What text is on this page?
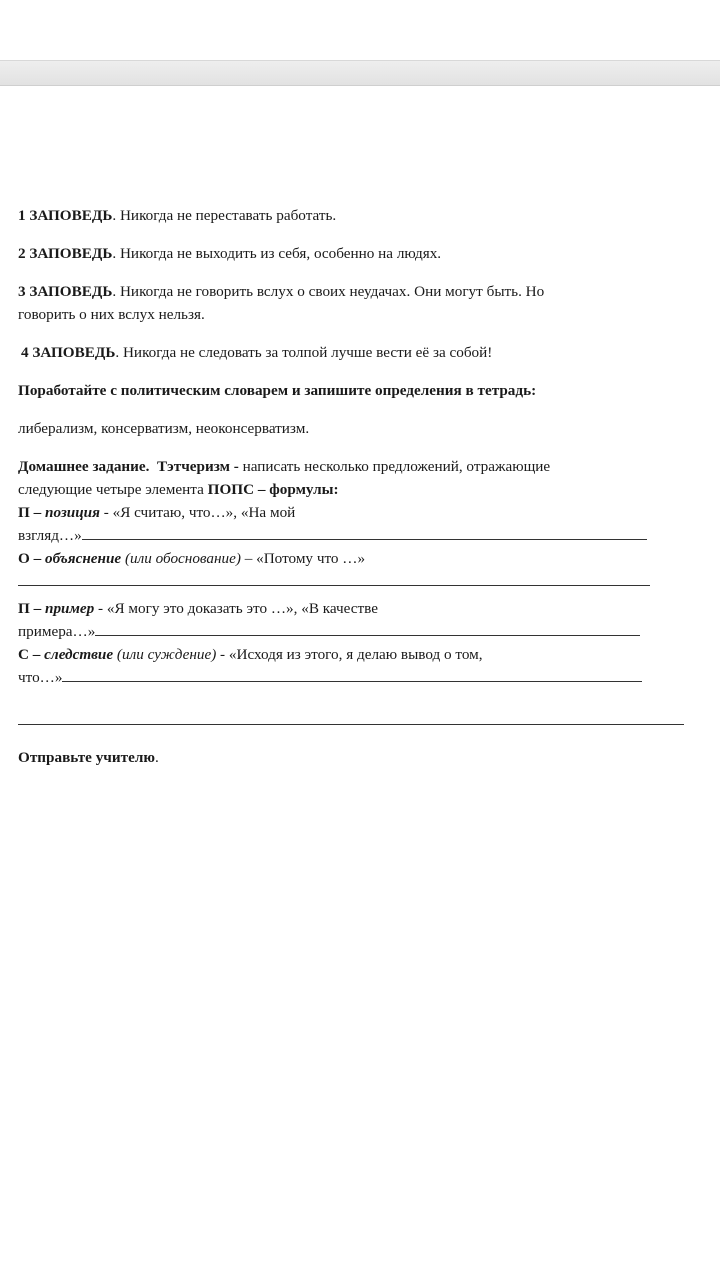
1 ЗАПОВЕДЬ. Никогда не переставать работать.

2 ЗАПОВЕДЬ. Никогда не выходить из себя, особенно на людях.

3 ЗАПОВЕДЬ. Никогда не говорить вслух о своих неудачах. Они могут быть. Но
говорить о них вслух нельзя.

4 ЗАПОВЕДЬ. Никогда не следовать за толпой лучше вести её за собой!

Поработайте с политическим словарем и запишите определения в тетрадь:

либерализм, консерватизм, неоконсерватизм.

Домашнее задание. Тэтчеризм - написать несколько предложений, отражающие
следующие четыре элемента ПОПС – формулы:

П – позиция - «Я считаю, что…», «На мой
взгляд…»

О – объяснение (или обоснование) – «Потому что …»

П – пример - «Я могу это доказать это …», «В качестве
примера…»

С – следствие (или суждение) - «Исходя из этого, я делаю вывод о том,
что…»

Отправьте учителю.
